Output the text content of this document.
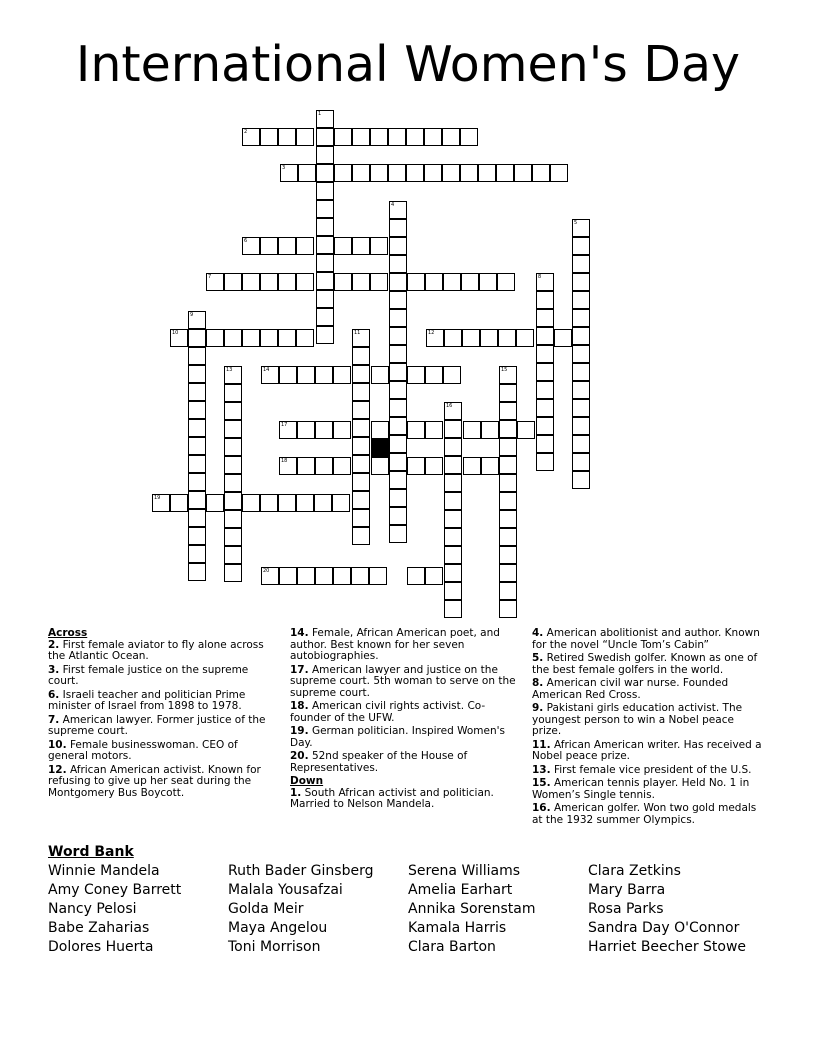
International Women's Day
1
2
3
4
5
6
7	8
9
10	11	12
13	14	15
16
17
18
19
20
Across
2. First female aviator to fly alone across the Atlantic Ocean.
3. First female justice on the supreme court.
6. Israeli teacher and politician Prime minister of Israel from 1898 to 1978.
7. American lawyer. Former justice of the supreme court.
10. Female businesswoman. CEO of general motors.
12. African American activist. Known for refusing to give up her seat during the Montgomery Bus Boycott.
14. Female, African American poet, and author. Best known for her seven autobiographies.
17. American lawyer and justice on the supreme court. 5th woman to serve on the supreme court.
18. American civil rights activist. Co-founder of the UFW.
19. German politician. Inspired Women's Day.
20. 52nd speaker of the House of Representatives.
Down
1. South African activist and politician. Married to Nelson Mandela.
4. American abolitionist and author. Known for the novel “Uncle Tom’s Cabin”
5. Retired Swedish golfer. Known as one of the best female golfers in the world.
8. American civil war nurse. Founded American Red Cross.
9. Pakistani girls education activist. The youngest person to win a Nobel peace prize.
11. African American writer. Has received a Nobel peace prize.
13. First female vice president of the U.S.
15. American tennis player. Held No. 1 in Women’s Single tennis.
16. American golfer. Won two gold medals at the 1932 summer Olympics.
Word Bank
Winnie Mandela
Amy Coney Barrett
Nancy Pelosi
Babe Zaharias
Dolores Huerta
Ruth Bader Ginsberg
Malala Yousafzai
Golda Meir
Maya Angelou
Toni Morrison
Serena Williams
Amelia Earhart
Annika Sorenstam
Kamala Harris
Clara Barton
Clara Zetkins
Mary Barra
Rosa Parks
Sandra Day O'Connor
Harriet Beecher Stowe
